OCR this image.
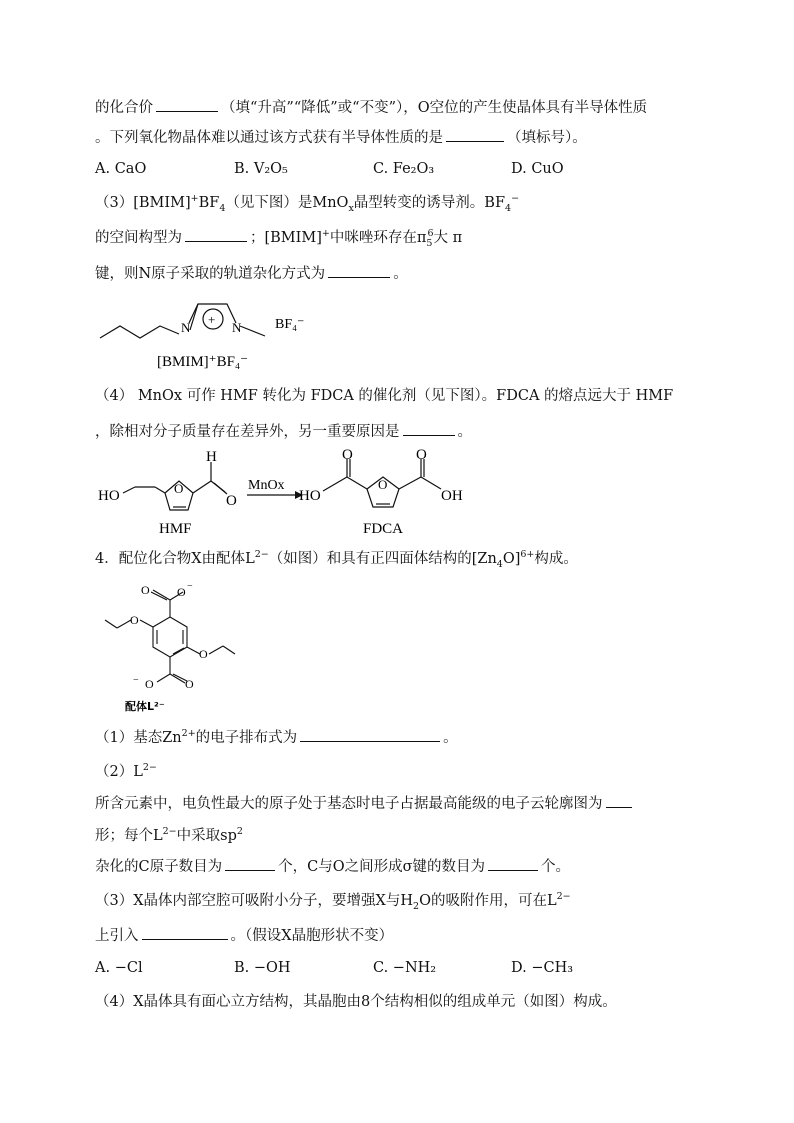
的化合价	（填“升高”“降低”或“不变”），O空位的产生使晶体具有半导体性质
。下列氧化物晶体难以通过该方式获有半导体性质的是	（填标号）。
A. CaO	B. V₂O₅	C. Fe₂O₃	D. CuO
$(3)[BMIM]^+BF_4$（见下图）是MnO$_x$晶型转变的诱导剂。$BF_4^-$
的空间构型为	；[BMIM]+中咪唑环存在$\pi_5^6$大 π
键，则N原子采取的轨道杂化方式为	。
N	N
+	BF₄⁻
[BMIM]⁺BF₄⁻
（4） MnOx 可作 HMF 转化为 FDCA 的催化剂（见下图）。FDCA 的熔点远大于 HMF
，除相对分子质量存在差异外，另一重要原因是	。
HO	O
H
O
HMF
MnOx
HO
O
O
O
OH
FDCA
4．配位化合物X由配体$L^{2-}$（如图）和具有正四面体结构的$[Zn_4O]^{6+}$构成。
O −
O
O
O
− O	O
配体L²⁻
（1）基态$Zn^{2+}$的电子排布式为	。
$(2)L^{2-}$
所含元素中，电负性最大的原子处于基态时电子占据最高能级的电子云轮廓图为
形；每个$L^{2-}$中采取$sp^2$
杂化的C原子数目为	个，C与O之间形成σ键的数目为	个。
（3）X晶体内部空腔可吸附小分子，要增强X与$H_2O$的吸附作用，可在$L^{2-}$
上引入	。（假设X晶胞形状不变）
A. −Cl	B. −OH	C. −NH₂	D. −CH₃
（4）X晶体具有面心立方结构，其晶胞由8个结构相似的组成单元（如图）构成。
